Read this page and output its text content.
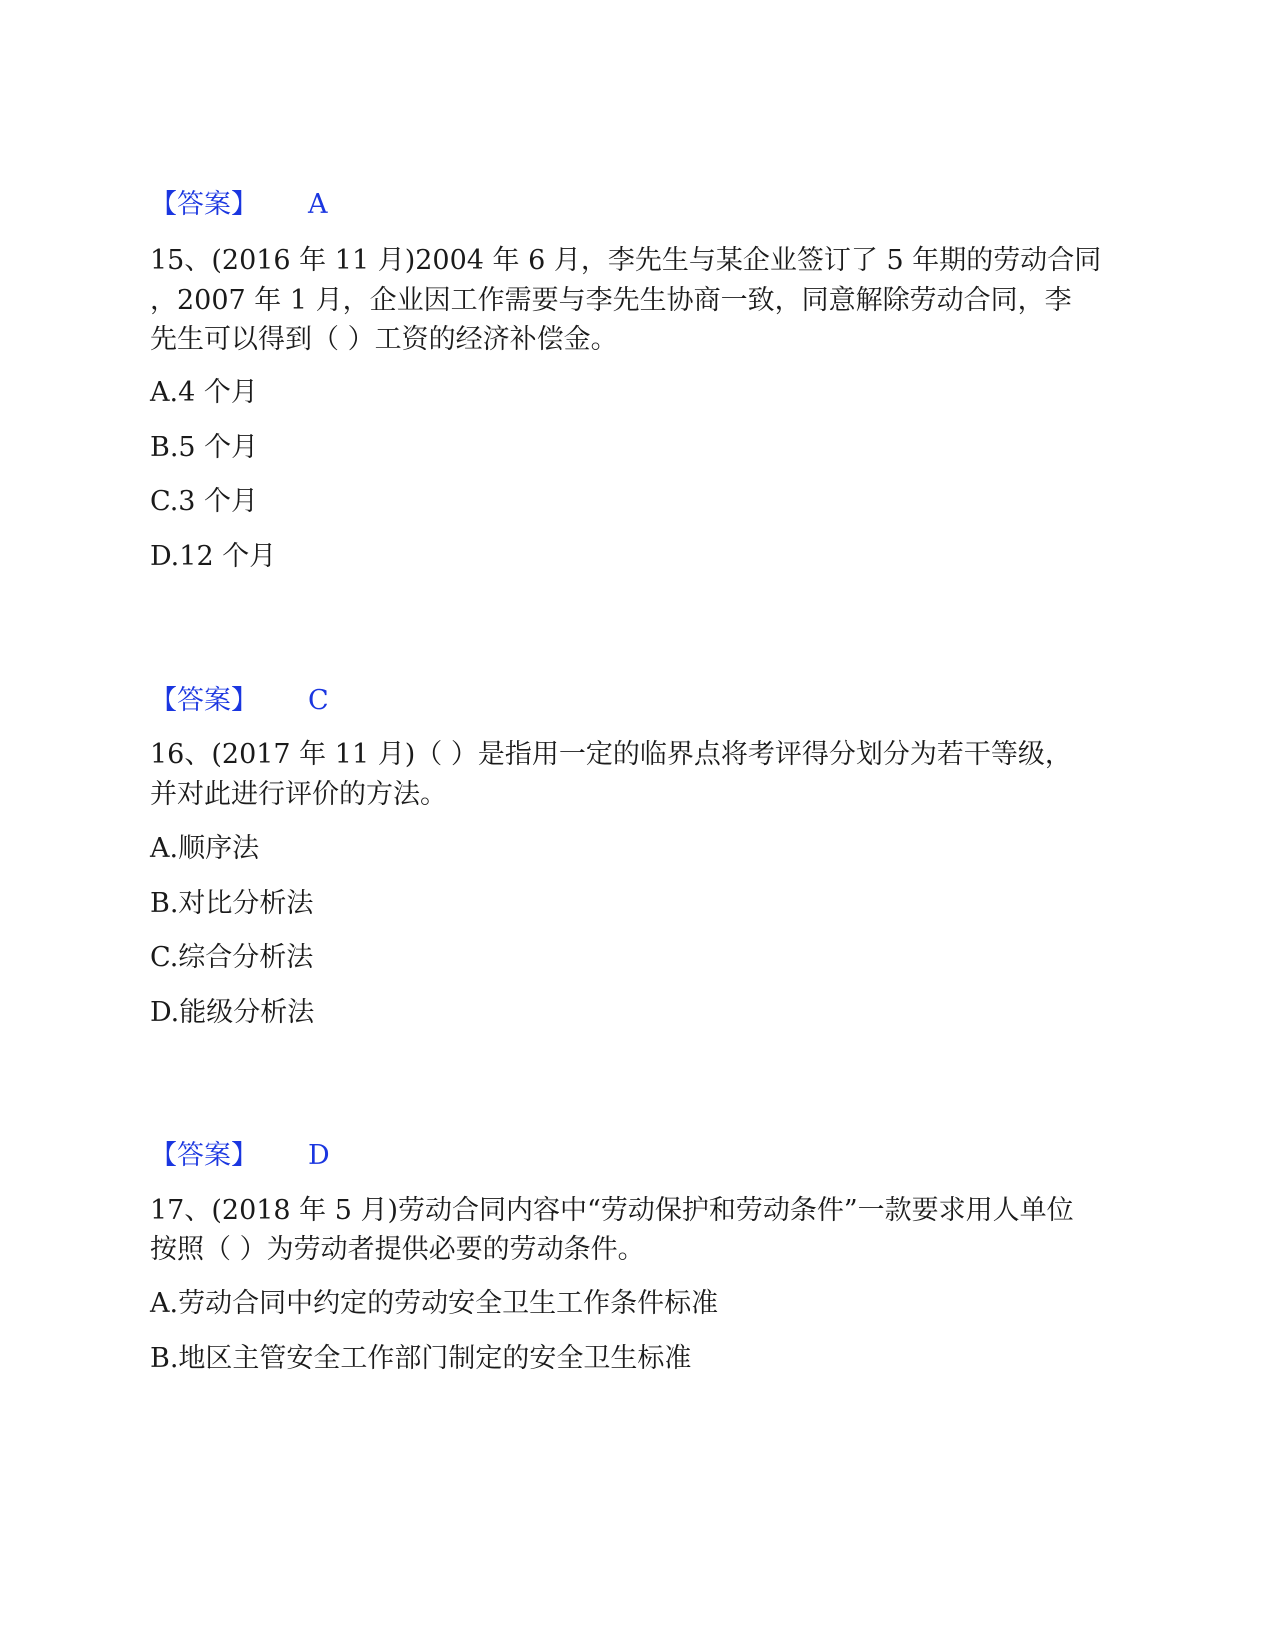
【答案】 A
15、(2016 年 11 月)2004 年 6 月，李先生与某企业签订了 5 年期的劳动合同
，2007 年 1 月，企业因工作需要与李先生协商一致，同意解除劳动合同，李
先生可以得到（ ）工资的经济补偿金。
A.4 个月
B.5 个月
C.3 个月
D.12 个月
【答案】 C
16、(2017 年 11 月)（ ）是指用一定的临界点将考评得分划分为若干等级，
并对此进行评价的方法。
A.顺序法
B.对比分析法
C.综合分析法
D.能级分析法
【答案】 D
17、(2018 年 5 月)劳动合同内容中“劳动保护和劳动条件”一款要求用人单位
按照（ ）为劳动者提供必要的劳动条件。
A.劳动合同中约定的劳动安全卫生工作条件标准
B.地区主管安全工作部门制定的安全卫生标准
